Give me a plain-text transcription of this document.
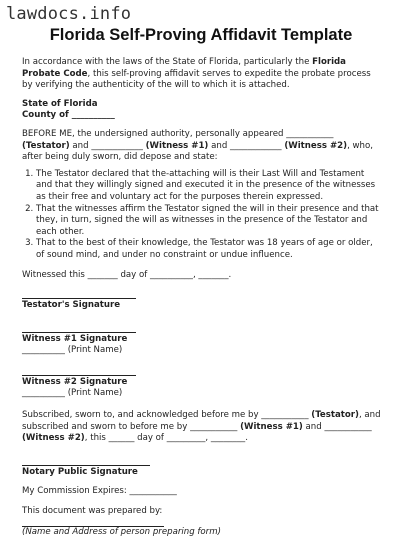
lawdocs.info
Florida Self-Proving Affidavit Template

In accordance with the laws of the State of Florida, particularly the Florida Probate Code, this self-proving affidavit serves to expedite the probate process by verifying the authenticity of the will to which it is attached.

State of Florida

County of __________

BEFORE ME, the undersigned authority, personally appeared ___________ (Testator) and ____________ (Witness #1) and ____________ (Witness #2), who, after being duly sworn, did depose and state:

1. The Testator declared that the-attaching will is their Last Will and Testament and that they willingly signed and executed it in the presence of the witnesses as their free and voluntary act for the purposes therein expressed.
2. That the witnesses affirm the Testator signed the will in their presence and that they, in turn, signed the will as witnesses in the presence of the Testator and each other.
3. That to the best of their knowledge, the Testator was 18 years of age or older, of sound mind, and under no constraint or undue influence.

Witnessed this _______ day of __________, _______.

Testator's Signature

Witness #1 Signature

__________ (Print Name)

Witness #2 Signature

__________ (Print Name)

Subscribed, sworn to, and acknowledged before me by ___________ (Testator), and subscribed and sworn to before me by ___________ (Witness #1) and ___________ (Witness #2), this ______ day of _________, ________.

Notary Public Signature

My Commission Expires: ___________

This document was prepared by:

(Name and Address of person preparing form)
